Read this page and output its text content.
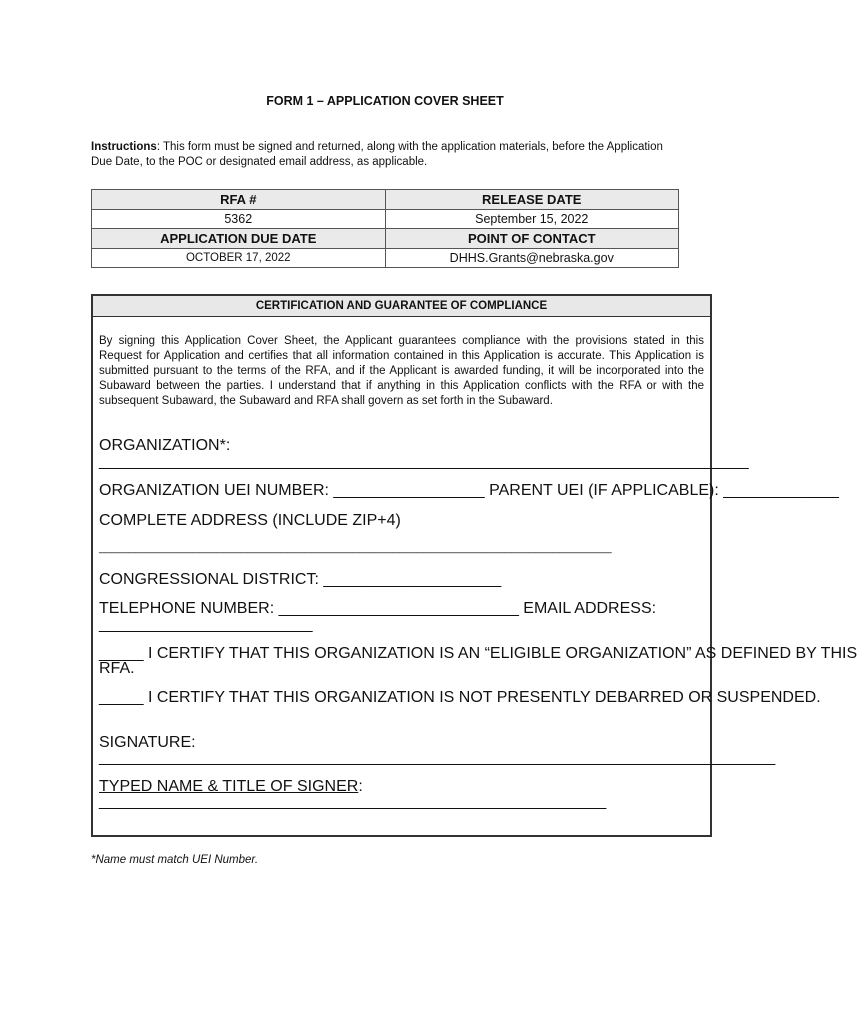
FORM 1 – APPLICATION COVER SHEET
Instructions: This form must be signed and returned, along with the application materials, before the Application Due Date, to the POC or designated email address, as applicable.
RFA #	RELEASE DATE
5362	September 15, 2022
APPLICATION DUE DATE	POINT OF CONTACT
OCTOBER 17, 2022	DHHS.Grants@nebraska.gov
CERTIFICATION AND GUARANTEE OF COMPLIANCE
By signing this Application Cover Sheet, the Applicant guarantees compliance with the provisions stated in this Request for Application and certifies that all information contained in this Application is accurate. This Application is submitted pursuant to the terms of the RFA, and if the Applicant is awarded funding, it will be incorporated into the Subaward between the parties. I understand that if anything in this Application conflicts with the RFA or with the subsequent Subaward, the Subaward and RFA shall govern as set forth in the Subaward.
ORGANIZATION*:
_________________________________________________________________________
ORGANIZATION UEI NUMBER: _________________ PARENT UEI (IF APPLICABLE): _____________
COMPLETE ADDRESS (INCLUDE ZIP+4)
_______________________________________________________________________________________
CONGRESSIONAL DISTRICT: ____________________
TELEPHONE NUMBER: ___________________________ EMAIL ADDRESS:
________________________
_____ I CERTIFY THAT THIS ORGANIZATION IS AN “ELIGIBLE ORGANIZATION” AS DEFINED BY THIS
RFA.
_____ I CERTIFY THAT THIS ORGANIZATION IS NOT PRESENTLY DEBARRED OR SUSPENDED.
SIGNATURE:
____________________________________________________________________________
TYPED NAME & TITLE OF SIGNER:
_________________________________________________________
*Name must match UEI Number.
